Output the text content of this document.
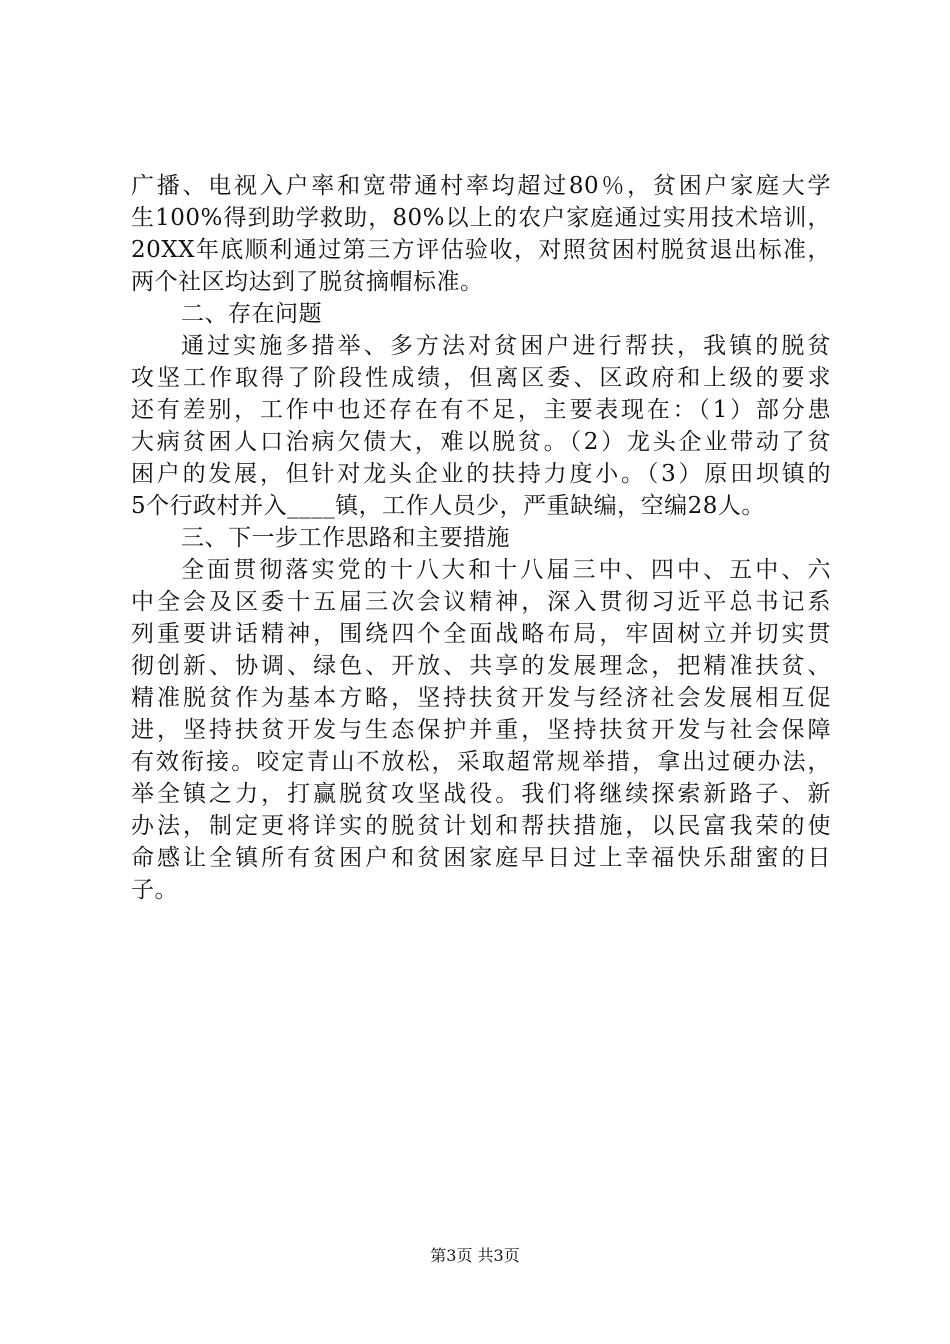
广播、电视入户率和宽带通村率均超过80％，贫困户家庭大学
生100%得到助学救助，80%以上的农户家庭通过实用技术培训，
20XX年底顺利通过第三方评估验收，对照贫困村脱贫退出标准，
两个社区均达到了脱贫摘帽标准。
二、存在问题
通过实施多措举、多方法对贫困户进行帮扶，我镇的脱贫
攻坚工作取得了阶段性成绩，但离区委、区政府和上级的要求
还有差别，工作中也还存在有不足，主要表现在：（1）部分患
大病贫困人口治病欠债大，难以脱贫。（2）龙头企业带动了贫
困户的发展，但针对龙头企业的扶持力度小。（3）原田坝镇的
5个行政村并入____镇，工作人员少，严重缺编，空编28人。
三、下一步工作思路和主要措施
全面贯彻落实党的十八大和十八届三中、四中、五中、六
中全会及区委十五届三次会议精神，深入贯彻习近平总书记系
列重要讲话精神，围绕四个全面战略布局，牢固树立并切实贯
彻创新、协调、绿色、开放、共享的发展理念，把精准扶贫、
精准脱贫作为基本方略，坚持扶贫开发与经济社会发展相互促
进，坚持扶贫开发与生态保护并重，坚持扶贫开发与社会保障
有效衔接。咬定青山不放松，采取超常规举措，拿出过硬办法，
举全镇之力，打赢脱贫攻坚战役。我们将继续探索新路子、新
办法，制定更将详实的脱贫计划和帮扶措施，以民富我荣的使
命感让全镇所有贫困户和贫困家庭早日过上幸福快乐甜蜜的日
子。
第3页 共3页
